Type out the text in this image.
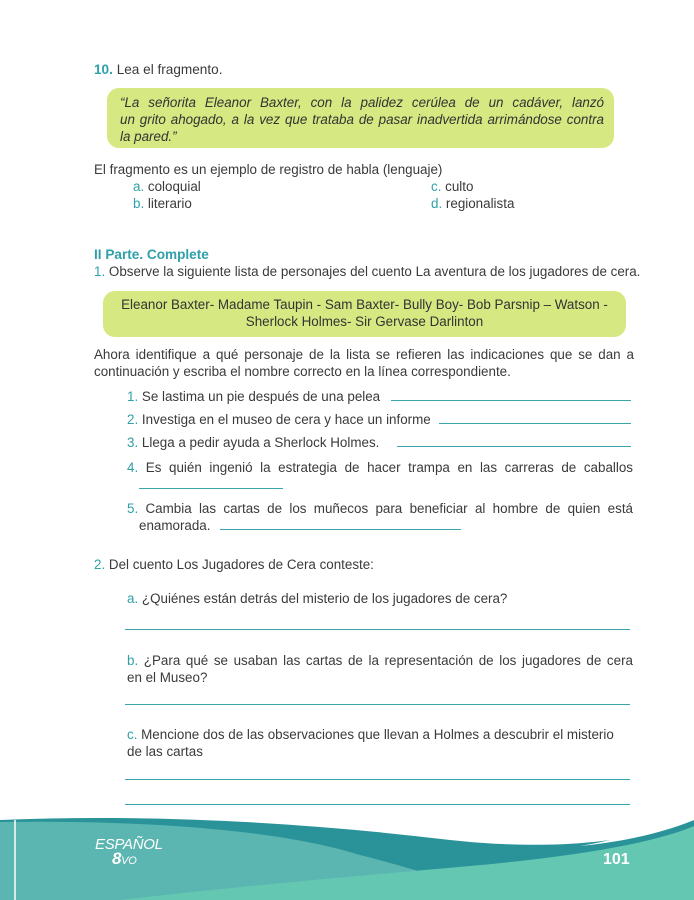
10. Lea el fragmento.
“La señorita Eleanor Baxter, con la palidez cerúlea de un cadáver, lanzó
un grito ahogado, a la vez que trataba de pasar inadvertida arrimándose contra
la pared.”
El fragmento es un ejemplo de registro de habla (lenguaje)
a. coloquial
b. literario
c. culto
d. regionalista
II Parte. Complete
1. Observe la siguiente lista de personajes del cuento La aventura de los jugadores de cera.
Eleanor Baxter- Madame Taupin - Sam Baxter- Bully Boy- Bob Parsnip – Watson -
Sherlock Holmes- Sir Gervase Darlinton
Ahora identifique a qué personaje de la lista se refieren las indicaciones que se dan a
continuación y escriba el nombre correcto en la línea correspondiente.
1. Se lastima un pie después de una pelea
2. Investiga en el museo de cera y hace un informe
3. Llega a pedir ayuda a Sherlock Holmes.
4. Es quién ingenió la estrategia de hacer trampa en las carreras de caballos
5. Cambia las cartas de los muñecos para beneficiar al hombre de quien está
enamorada.
2. Del cuento Los Jugadores de Cera conteste:
a. ¿Quiénes están detrás del misterio de los jugadores de cera?
b. ¿Para qué se usaban las cartas de la representación de los jugadores de cera
en el Museo?
c. Mencione dos de las observaciones que llevan a Holmes a descubrir el misterio
de las cartas
ESPAÑOL
8VO	101
